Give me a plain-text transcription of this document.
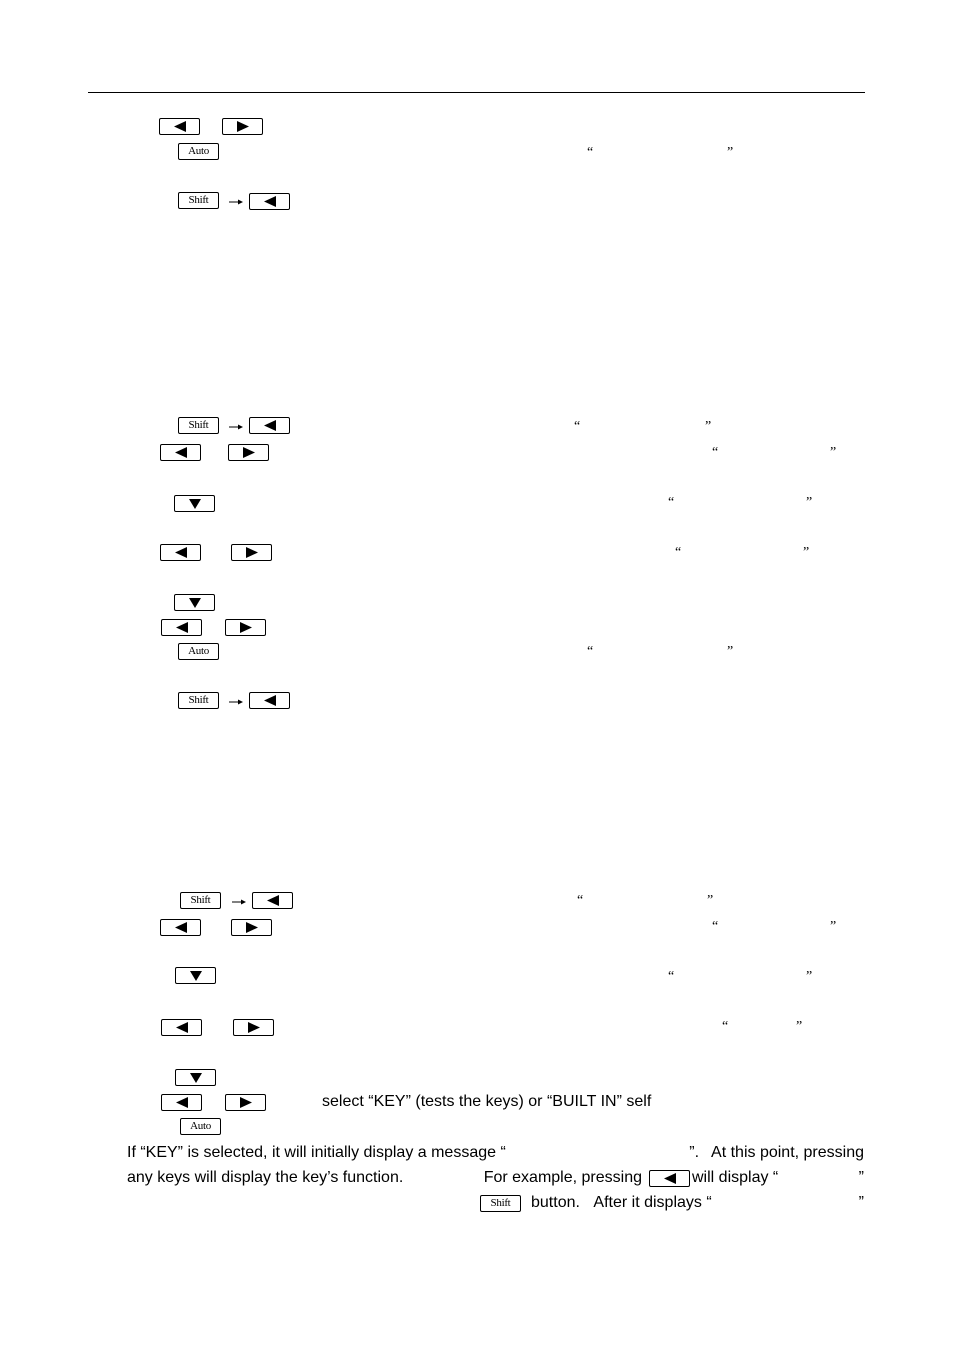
Auto	“	”
Shift
Shift	“	”
“	”
“	”
“	”
Auto	“	”
Shift
Shift	“	”
“	”
“	”
“	”
select “KEY” (tests the keys) or “BUILT IN” self
Auto
If “KEY” is selected, it will initially display a message “	”. At this point, pressing
any keys will display the key’s function.	For example, pressing	will display “	”
Shift button. After it displays “	”
